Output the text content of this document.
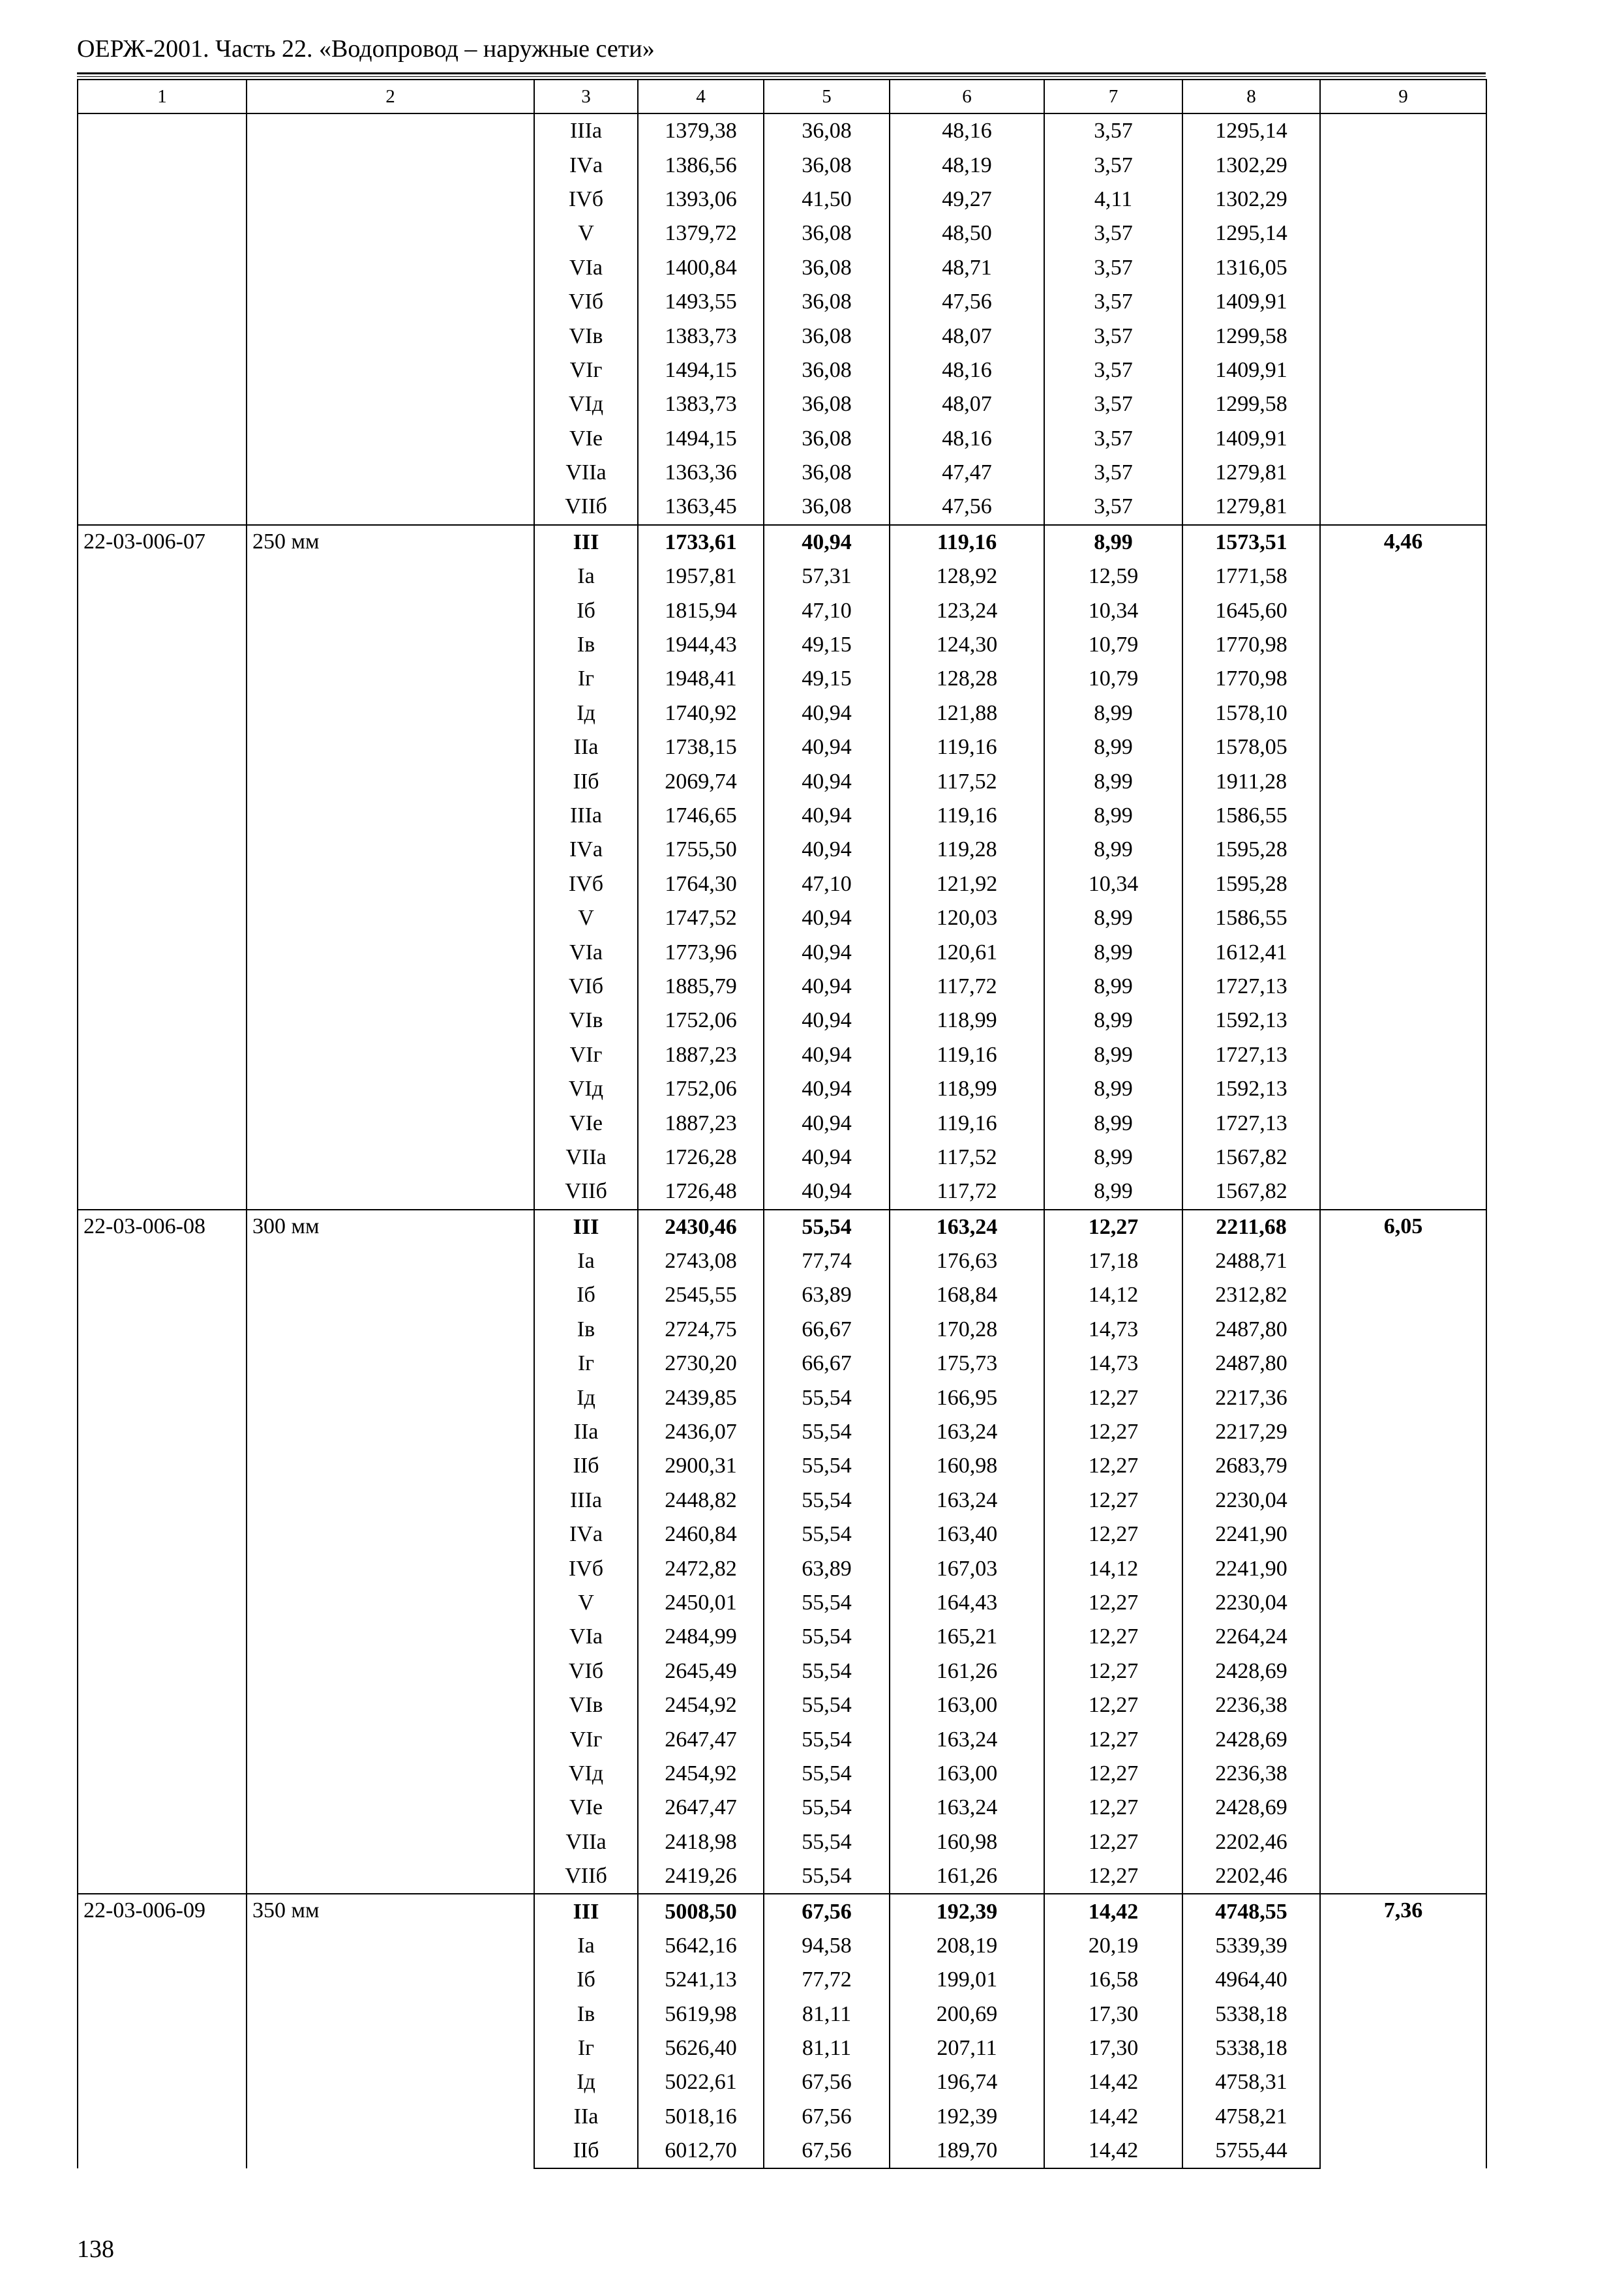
ОЕРЖ-2001. Часть 22. «Водопровод – наружные сети»
1	2	3	4	5	6	7	8	9
		IIIа	1379,38	36,08	48,16	3,57	1295,14	
		IVа	1386,56	36,08	48,19	3,57	1302,29	
		IVб	1393,06	41,50	49,27	4,11	1302,29	
		V	1379,72	36,08	48,50	3,57	1295,14	
		VIа	1400,84	36,08	48,71	3,57	1316,05	
		VIб	1493,55	36,08	47,56	3,57	1409,91	
		VIв	1383,73	36,08	48,07	3,57	1299,58	
		VIг	1494,15	36,08	48,16	3,57	1409,91	
		VIд	1383,73	36,08	48,07	3,57	1299,58	
		VIе	1494,15	36,08	48,16	3,57	1409,91	
		VIIа	1363,36	36,08	47,47	3,57	1279,81	
		VIIб	1363,45	36,08	47,56	3,57	1279,81	
22-03-006-07	250 мм	III	1733,61	40,94	119,16	8,99	1573,51	4,46
		Iа	1957,81	57,31	128,92	12,59	1771,58	
		Iб	1815,94	47,10	123,24	10,34	1645,60	
		Iв	1944,43	49,15	124,30	10,79	1770,98	
		Iг	1948,41	49,15	128,28	10,79	1770,98	
		Iд	1740,92	40,94	121,88	8,99	1578,10	
		IIа	1738,15	40,94	119,16	8,99	1578,05	
		IIб	2069,74	40,94	117,52	8,99	1911,28	
		IIIа	1746,65	40,94	119,16	8,99	1586,55	
		IVа	1755,50	40,94	119,28	8,99	1595,28	
		IVб	1764,30	47,10	121,92	10,34	1595,28	
		V	1747,52	40,94	120,03	8,99	1586,55	
		VIа	1773,96	40,94	120,61	8,99	1612,41	
		VIб	1885,79	40,94	117,72	8,99	1727,13	
		VIв	1752,06	40,94	118,99	8,99	1592,13	
		VIг	1887,23	40,94	119,16	8,99	1727,13	
		VIд	1752,06	40,94	118,99	8,99	1592,13	
		VIе	1887,23	40,94	119,16	8,99	1727,13	
		VIIа	1726,28	40,94	117,52	8,99	1567,82	
		VIIб	1726,48	40,94	117,72	8,99	1567,82	
22-03-006-08	300 мм	III	2430,46	55,54	163,24	12,27	2211,68	6,05
		Iа	2743,08	77,74	176,63	17,18	2488,71	
		Iб	2545,55	63,89	168,84	14,12	2312,82	
		Iв	2724,75	66,67	170,28	14,73	2487,80	
		Iг	2730,20	66,67	175,73	14,73	2487,80	
		Iд	2439,85	55,54	166,95	12,27	2217,36	
		IIа	2436,07	55,54	163,24	12,27	2217,29	
		IIб	2900,31	55,54	160,98	12,27	2683,79	
		IIIа	2448,82	55,54	163,24	12,27	2230,04	
		IVа	2460,84	55,54	163,40	12,27	2241,90	
		IVб	2472,82	63,89	167,03	14,12	2241,90	
		V	2450,01	55,54	164,43	12,27	2230,04	
		VIа	2484,99	55,54	165,21	12,27	2264,24	
		VIб	2645,49	55,54	161,26	12,27	2428,69	
		VIв	2454,92	55,54	163,00	12,27	2236,38	
		VIг	2647,47	55,54	163,24	12,27	2428,69	
		VIд	2454,92	55,54	163,00	12,27	2236,38	
		VIе	2647,47	55,54	163,24	12,27	2428,69	
		VIIа	2418,98	55,54	160,98	12,27	2202,46	
		VIIб	2419,26	55,54	161,26	12,27	2202,46	
22-03-006-09	350 мм	III	5008,50	67,56	192,39	14,42	4748,55	7,36
		Iа	5642,16	94,58	208,19	20,19	5339,39	
		Iб	5241,13	77,72	199,01	16,58	4964,40	
		Iв	5619,98	81,11	200,69	17,30	5338,18	
		Iг	5626,40	81,11	207,11	17,30	5338,18	
		Iд	5022,61	67,56	196,74	14,42	4758,31	
		IIа	5018,16	67,56	192,39	14,42	4758,21	
		IIб	6012,70	67,56	189,70	14,42	5755,44	
138
